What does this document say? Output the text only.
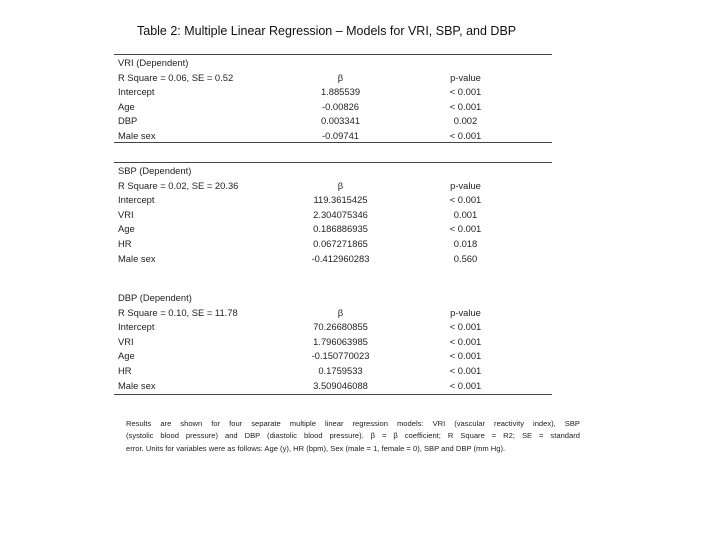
Table 2: Multiple Linear Regression – Models for VRI, SBP, and DBP
VRI (Dependent)
R Square = 0.06, SE = 0.52	β	p-value
Intercept	1.885539	< 0.001
Age	-0.00826	< 0.001
DBP	0.003341	0.002
Male sex	-0.09741	< 0.001
SBP (Dependent)
R Square = 0.02, SE = 20.36	β	p-value
Intercept	119.3615425	< 0.001
VRI	2.304075346	0.001
Age	0.186886935	< 0.001
HR	0.067271865	0.018
Male sex	-0.412960283	0.560
DBP (Dependent)
R Square = 0.10, SE = 11.78	β	p-value
Intercept	70.26680855	< 0.001
VRI	1.796063985	< 0.001
Age	-0.150770023	< 0.001
HR	0.1759533	< 0.001
Male sex	3.509046088	< 0.001
Results are shown for four separate multiple linear regression models: VRI (vascular reactivity index), SBP
(systolic blood pressure) and DBP (diastolic blood pressure). β = β coefficient; R Square = R2; SE = standard
error. Units for variables were as follows: Age (y), HR (bpm), Sex (male = 1, female = 0), SBP and DBP (mm Hg).
